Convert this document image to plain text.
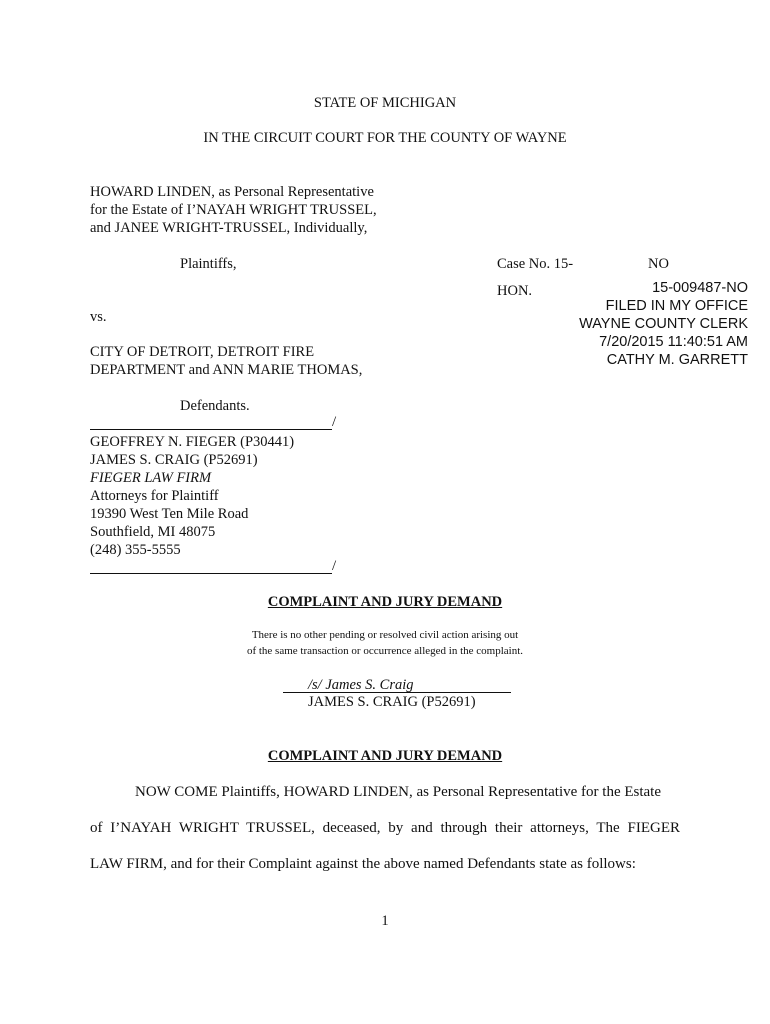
STATE OF MICHIGAN
IN THE CIRCUIT COURT FOR THE COUNTY OF WAYNE
HOWARD LINDEN, as Personal Representative
for the Estate of I’NAYAH WRIGHT TRUSSEL,
and JANEE WRIGHT-TRUSSEL, Individually,
Plaintiffs,	Case No. 15-	NO
HON.	15-009487-NO
FILED IN MY OFFICE
WAYNE COUNTY CLERK
7/20/2015 11:40:51 AM
CATHY M. GARRETT
vs.
CITY OF DETROIT, DETROIT FIRE
DEPARTMENT and ANN MARIE THOMAS,
Defendants.
/
GEOFFREY N. FIEGER (P30441)
JAMES S. CRAIG (P52691)
FIEGER LAW FIRM
Attorneys for Plaintiff
19390 West Ten Mile Road
Southfield, MI 48075
(248) 355-5555
/
COMPLAINT AND JURY DEMAND
There is no other pending or resolved civil action arising out
of the same transaction or occurrence alleged in the complaint.
/s/ James S. Craig
JAMES S. CRAIG (P52691)
COMPLAINT AND JURY DEMAND
NOW COME Plaintiffs, HOWARD LINDEN, as Personal Representative for the Estate
of I’NAYAH WRIGHT TRUSSEL, deceased, by and through their attorneys, The FIEGER
LAW FIRM, and for their Complaint against the above named Defendants state as follows:
1
